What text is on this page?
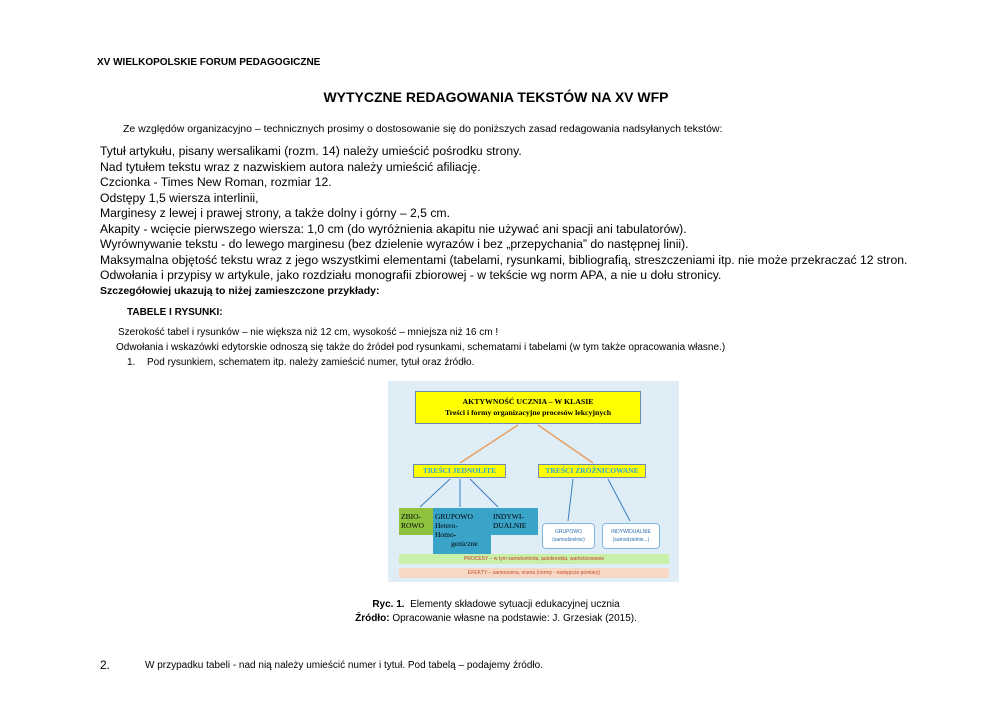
XV WIELKOPOLSKIE FORUM PEDAGOGICZNE
WYTYCZNE REDAGOWANIA TEKSTÓW NA XV WFP
Ze względów organizacyjno – technicznych prosimy o dostosowanie się do poniższych zasad redagowania nadsyłanych tekstów:
Tytuł artykułu, pisany wersalikami (rozm. 14) należy umieścić pośrodku strony.
Nad tytułem tekstu wraz z nazwiskiem autora należy umieścić afiliację.
Czcionka - Times New Roman, rozmiar 12.
Odstępy 1,5 wiersza interlinii,
Marginesy z lewej i prawej strony, a także dolny i górny – 2,5 cm.
Akapity - wcięcie pierwszego wiersza: 1,0 cm (do wyróżnienia akapitu nie używać ani spacji ani tabulatorów).
Wyrównywanie tekstu - do lewego marginesu (bez dzielenie wyrazów i bez „przepychania” do następnej linii).
Maksymalna objętość tekstu wraz z jego wszystkimi elementami (tabelami, rysunkami, bibliografią, streszczeniami itp. nie może przekraczać 12 stron.
Odwołania i przypisy w artykule, jako rozdziału monografii zbiorowej - w tekście wg norm APA, a nie u dołu stronicy.
Szczegółowiej ukazują to niżej zamieszczone przykłady:
TABELE I RYSUNKI:
Szerokość tabel i rysunków – nie większa niż 12 cm, wysokość – mniejsza niż 16 cm !
Odwołania i wskazówki edytorskie odnoszą się także do źródeł pod rysunkami, schematami i tabelami (w tym także opracowania własne.)
1. Pod rysunkiem, schematem itp. należy zamieścić numer, tytuł oraz źródło.
AKTYWNOŚĆ UCZNIA – W KLASIE
Treści i formy organizacyjne procesów lekcyjnych
TREŚCI JEDNOLITE	TREŚCI ZRÓŻNICOWANE
ZBIO-
ROWO
GRUPOWO
Hetero-
Homo-
geniczne
INDYWI-
DUALNIE
GRUPOWO
(samodzielnie)
INDYWIDUALNIE
(samodzielnie...)
PROCESY – w tym samokontrola, autokorekta, wartościowanie
EFEKTY – samoocena, ocena (normy - następcze pomiary)
Ryc. 1. Elementy składowe sytuacji edukacyjnej ucznia
Źródło: Opracowanie własne na podstawie: J. Grzesiak (2015).
2.	W przypadku tabeli - nad nią należy umieścić numer i tytuł. Pod tabelą – podajemy źródło.
